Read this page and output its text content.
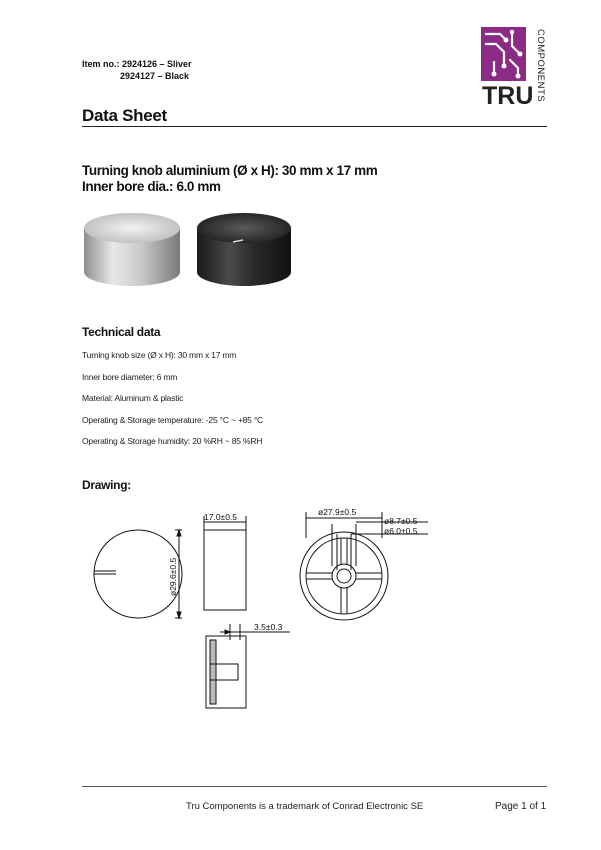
Item no.: 2924126 – Sliver
2924127 – Black
TRU COMPONENTS
Data Sheet
Turning knob aluminium (Ø x H): 30 mm x 17 mm
Inner bore dia.: 6.0 mm
Technical data
Turning knob size (Ø x H): 30 mm x 17 mm
Inner bore diameter: 6 mm
Material: Aluminum & plastic
Operating & Storage temperature: -25 °C ~ +85 °C
Operating & Storage humidity: 20 %RH ~ 85 %RH
Drawing:
ø29.6±0.5
17.0±0.5	ø27.9±0.5
ø8.7±0.5
ø6.0±0.5
3.5±0.3
Tru Components is a trademark of Conrad Electronic SE	Page 1 of 1
